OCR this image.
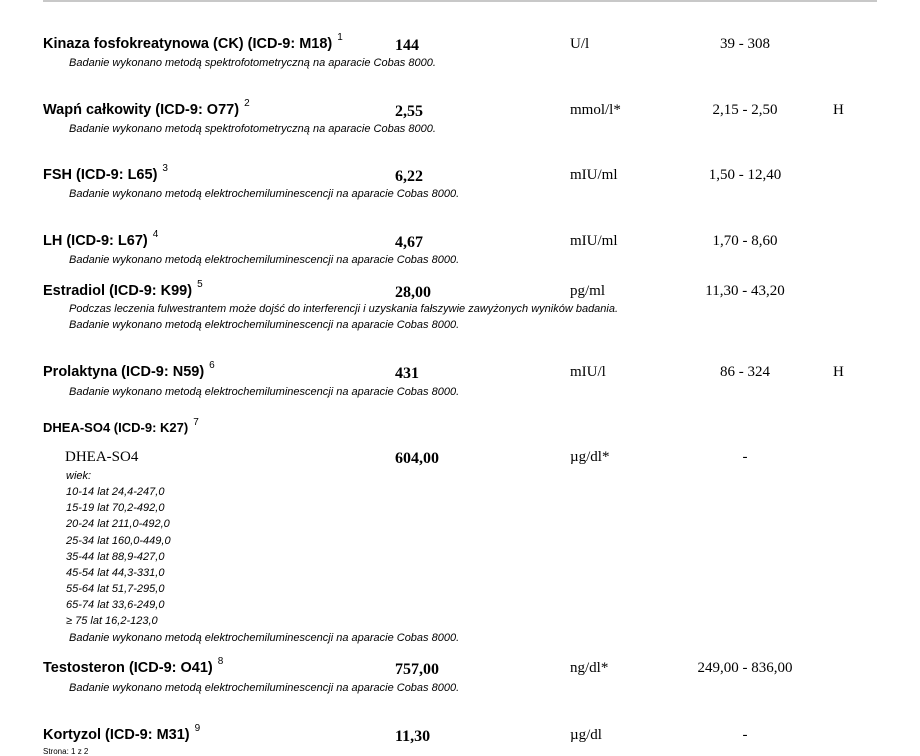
Kinaza fosfokreatynowa (CK) (ICD-9: M18) $^1$	144	U/l	39 - 308
Badanie wykonano metodą spektrofotometryczną na aparacie Cobas 8000.
Wapń całkowity (ICD-9: O77) $^2$	2,55	mmol/l*	2,15 - 2,50	H
Badanie wykonano metodą spektrofotometryczną na aparacie Cobas 8000.
FSH (ICD-9: L65) $^3$	6,22	mIU/ml	1,50 - 12,40
Badanie wykonano metodą elektrochemiluminescencji na aparacie Cobas 8000.
LH (ICD-9: L67) $^4$	4,67	mIU/ml	1,70 - 8,60
Badanie wykonano metodą elektrochemiluminescencji na aparacie Cobas 8000.
Estradiol (ICD-9: K99) $^5$	28,00	pg/ml	11,30 - 43,20
Podczas leczenia fulwestrantem może dojść do interferencji i uzyskania fałszywie zawyżonych wyników badania.
Badanie wykonano metodą elektrochemiluminescencji na aparacie Cobas 8000.
Prolaktyna (ICD-9: N59) $^6$	431	mIU/l	86 - 324	H
Badanie wykonano metodą elektrochemiluminescencji na aparacie Cobas 8000.
DHEA-SO4 (ICD-9: K27) $^7$
DHEA-SO4	604,00	µg/dl*	-
wiek:
10-14 lat 24,4-247,0
15-19 lat 70,2-492,0
20-24 lat 211,0-492,0
25-34 lat 160,0-449,0
35-44 lat 88,9-427,0
45-54 lat 44,3-331,0
55-64 lat 51,7-295,0
65-74 lat 33,6-249,0
≥ 75 lat 16,2-123,0
Badanie wykonano metodą elektrochemiluminescencji na aparacie Cobas 8000.
Testosteron (ICD-9: O41) $^8$	757,00	ng/dl*	249,00 - 836,00
Badanie wykonano metodą elektrochemiluminescencji na aparacie Cobas 8000.
Kortyzol (ICD-9: M31) $^9$	11,30	µg/dl	-
Strona: 1 z 2
